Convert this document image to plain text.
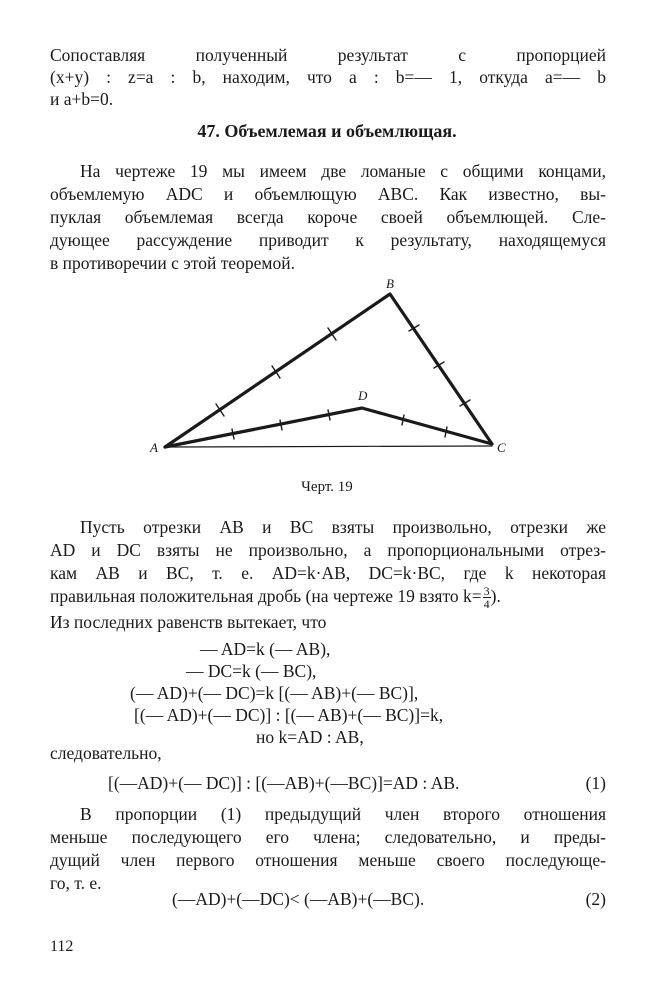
Сопоставляя полученный результат с пропорцией
(x+y) : z=a : b, находим, что a : b=— 1, откуда a=— b
и a+b=0.
47. Объемлемая и объемлющая.
На чертеже 19 мы имеем две ломаные с общими концами,
объемлемую ADC и объемлющую ABC. Как известно, вы-
пуклая объемлемая всегда короче своей объемлющей. Сле-
дующее рассуждение приводит к результату, находящемуся
в противоречии с этой теоремой.
A
B
C
D
Черт. 19
Пусть отрезки AB и BC взяты произвольно, отрезки же
AD и DC взяты не произвольно, а пропорциональными отрез-
кам AB и BC, т. е. AD=k·AB, DC=k·BC, где k некоторая
правильная положительная дробь (на чертеже 19 взято $k= \frac{3}{4}$ ).
Из последних равенств вытекает, что
— AD=k (— AB),
— DC=k (— BC),
(— AD)+(— DC)=k [(— AB)+(— BC)],
[(— AD)+(— DC)] : [(— AB)+(— BC)]=k,
но k=AD : AB,
следовательно,
[(—AD)+(— DC)] : [(—AB)+(—BC)]=AD : AB.	(1)
В пропорции (1) предыдущий член второго отношения
меньше последующего его члена; следовательно, и преды-
дущий член первого отношения меньше своего последующе-
го, т. е.
(—AD)+(—DC)< (—AB)+(—BC).	(2)
112
